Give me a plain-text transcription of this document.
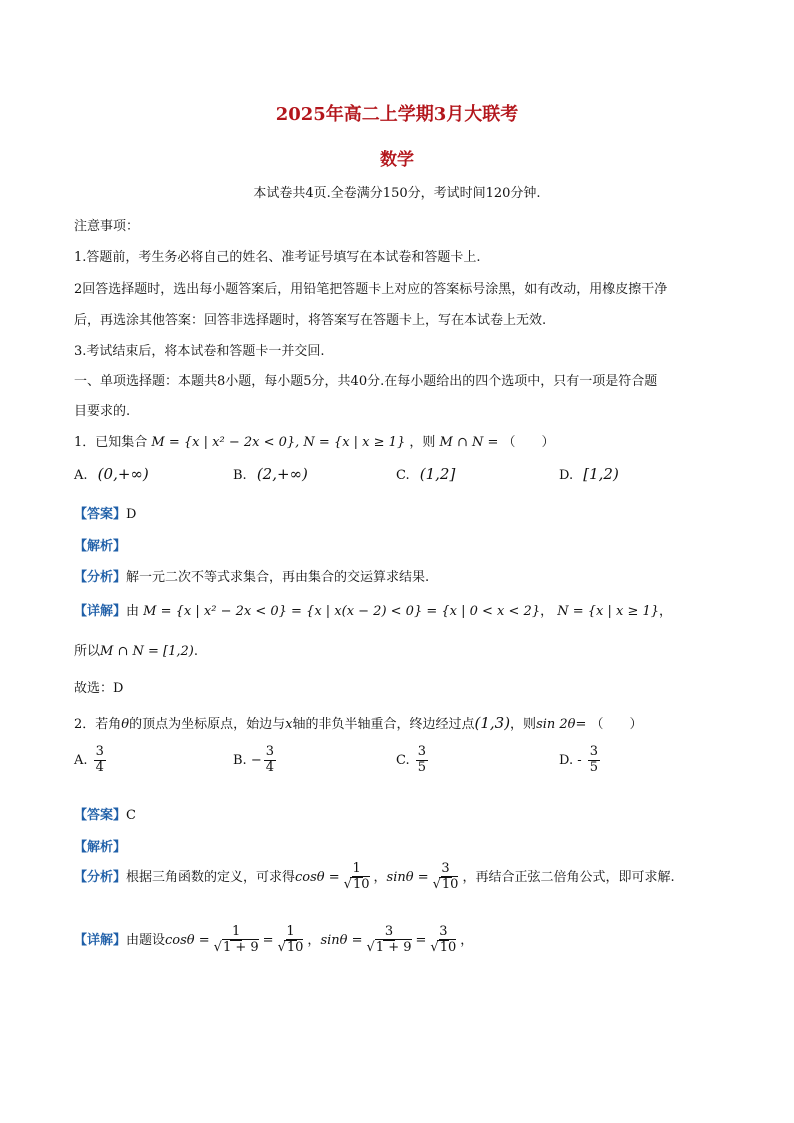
2025年高二上学期3月大联考
数学
本试卷共4页.全卷满分150分，考试时间120分钟.
注意事项：
1.答题前，考生务必将自己的姓名、准考证号填写在本试卷和答题卡上.
2回答选择题时，选出每小题答案后，用铅笔把答题卡上对应的答案标号涂黑，如有改动，用橡皮擦干净
后，再选涂其他答案：回答非选择题时，将答案写在答题卡上，写在本试卷上无效.
3.考试结束后，将本试卷和答题卡一并交回.
一、单项选择题：本题共8小题，每小题5分，共40分.在每小题给出的四个选项中，只有一项是符合题
目要求的.
1．已知集合 M = {x | x² − 2x < 0}, N = {x | x ≥ 1} ，则 M ∩ N = （　　）
A. (0,+∞)	B. (2,+∞)	C. (1,2]	D. [1,2)
【答案】D
【解析】
【分析】解一元二次不等式求集合，再由集合的交运算求结果.
【详解】由 M = {x | x² − 2x < 0} = {x | x(x − 2) < 0} = {x | 0 < x < 2}， N = {x | x ≥ 1}，
所以M ∩ N = [1,2).
故选：D
2．若角θ的顶点为坐标原点，始边与x轴的非负半轴重合，终边经过点(1,3)，则sin 2θ= （　　）
A. $\frac{3}{4}$	B. − $\frac{3}{4}$	C. $\frac{3}{5}$	D. - $\frac{3}{5}$
【答案】C
【解析】
【分析】根据三角函数的定义，可求得$\cos\theta = \frac{1}{√10}$ ，$\sin\theta = \frac{3}{√10}$ ，再结合正弦二倍角公式，即可求解.
【详解】由题设$\cos\theta = \frac{1}{√1 + 9} = \frac{1}{√10}$ ，$\sin\theta = \frac{3}{√1 + 9} = \frac{3}{√10}$ ，
